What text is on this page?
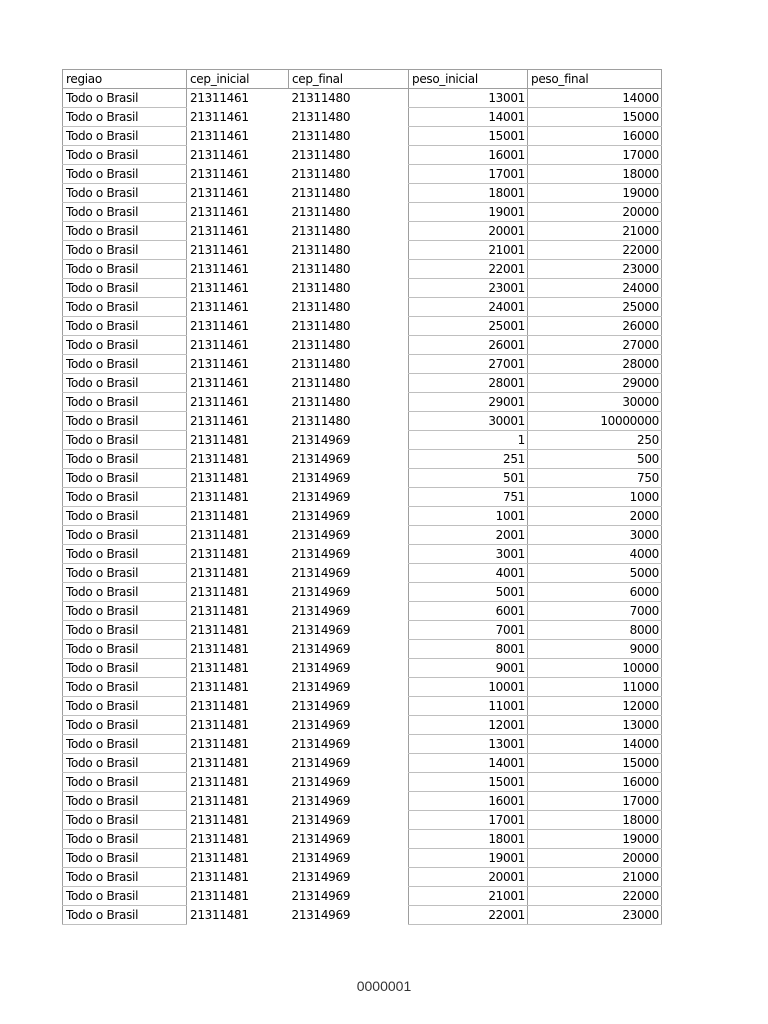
regiao	cep_inicial	cep_final	peso_inicial	peso_final
Todo o Brasil	21311461	21311480	13001	14000
Todo o Brasil	21311461	21311480	14001	15000
Todo o Brasil	21311461	21311480	15001	16000
Todo o Brasil	21311461	21311480	16001	17000
Todo o Brasil	21311461	21311480	17001	18000
Todo o Brasil	21311461	21311480	18001	19000
Todo o Brasil	21311461	21311480	19001	20000
Todo o Brasil	21311461	21311480	20001	21000
Todo o Brasil	21311461	21311480	21001	22000
Todo o Brasil	21311461	21311480	22001	23000
Todo o Brasil	21311461	21311480	23001	24000
Todo o Brasil	21311461	21311480	24001	25000
Todo o Brasil	21311461	21311480	25001	26000
Todo o Brasil	21311461	21311480	26001	27000
Todo o Brasil	21311461	21311480	27001	28000
Todo o Brasil	21311461	21311480	28001	29000
Todo o Brasil	21311461	21311480	29001	30000
Todo o Brasil	21311461	21311480	30001	10000000
Todo o Brasil	21311481	21314969	1	250
Todo o Brasil	21311481	21314969	251	500
Todo o Brasil	21311481	21314969	501	750
Todo o Brasil	21311481	21314969	751	1000
Todo o Brasil	21311481	21314969	1001	2000
Todo o Brasil	21311481	21314969	2001	3000
Todo o Brasil	21311481	21314969	3001	4000
Todo o Brasil	21311481	21314969	4001	5000
Todo o Brasil	21311481	21314969	5001	6000
Todo o Brasil	21311481	21314969	6001	7000
Todo o Brasil	21311481	21314969	7001	8000
Todo o Brasil	21311481	21314969	8001	9000
Todo o Brasil	21311481	21314969	9001	10000
Todo o Brasil	21311481	21314969	10001	11000
Todo o Brasil	21311481	21314969	11001	12000
Todo o Brasil	21311481	21314969	12001	13000
Todo o Brasil	21311481	21314969	13001	14000
Todo o Brasil	21311481	21314969	14001	15000
Todo o Brasil	21311481	21314969	15001	16000
Todo o Brasil	21311481	21314969	16001	17000
Todo o Brasil	21311481	21314969	17001	18000
Todo o Brasil	21311481	21314969	18001	19000
Todo o Brasil	21311481	21314969	19001	20000
Todo o Brasil	21311481	21314969	20001	21000
Todo o Brasil	21311481	21314969	21001	22000
Todo o Brasil	21311481	21314969	22001	23000
0000001
